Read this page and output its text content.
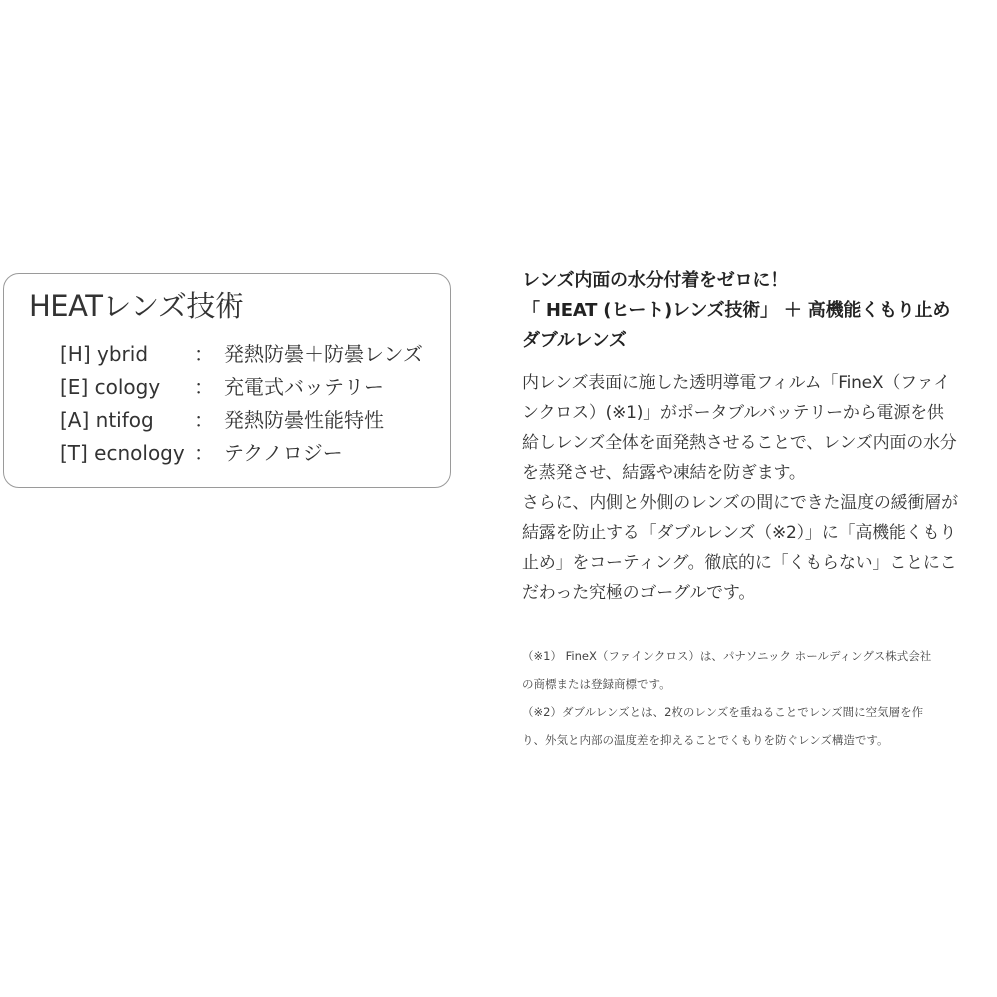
HEATレンズ技術
[H] ybrid ： 発熱防曇＋防曇レンズ
[E] cology ： 充電式バッテリー
[A] ntifog ： 発熱防曇性能特性
[T] ecnology ： テクノロジー
レンズ内面の水分付着をゼロに！
「 HEAT (ヒート)レンズ技術」 ＋ 高機能くもり止め
ダブルレンズ
内レンズ表面に施した透明導電フィルム「FineX（ファイ
ンクロス）(※1)」がポータブルバッテリーから電源を供
給しレンズ全体を面発熱させることで、レンズ内面の水分
を蒸発させ、結露や凍結を防ぎます。
さらに、内側と外側のレンズの間にできた温度の緩衝層が
結露を防止する「ダブルレンズ（※2）」に「高機能くもり
止め」をコーティング。徹底的に「くもらない」ことにこ
だわった究極のゴーグルです。
（※1） FineX（ファインクロス）は、パナソニック ホールディングス株式会社
の商標または登録商標です。
（※2）ダブルレンズとは、2枚のレンズを重ねることでレンズ間に空気層を作
り、外気と内部の温度差を抑えることでくもりを防ぐレンズ構造です。
